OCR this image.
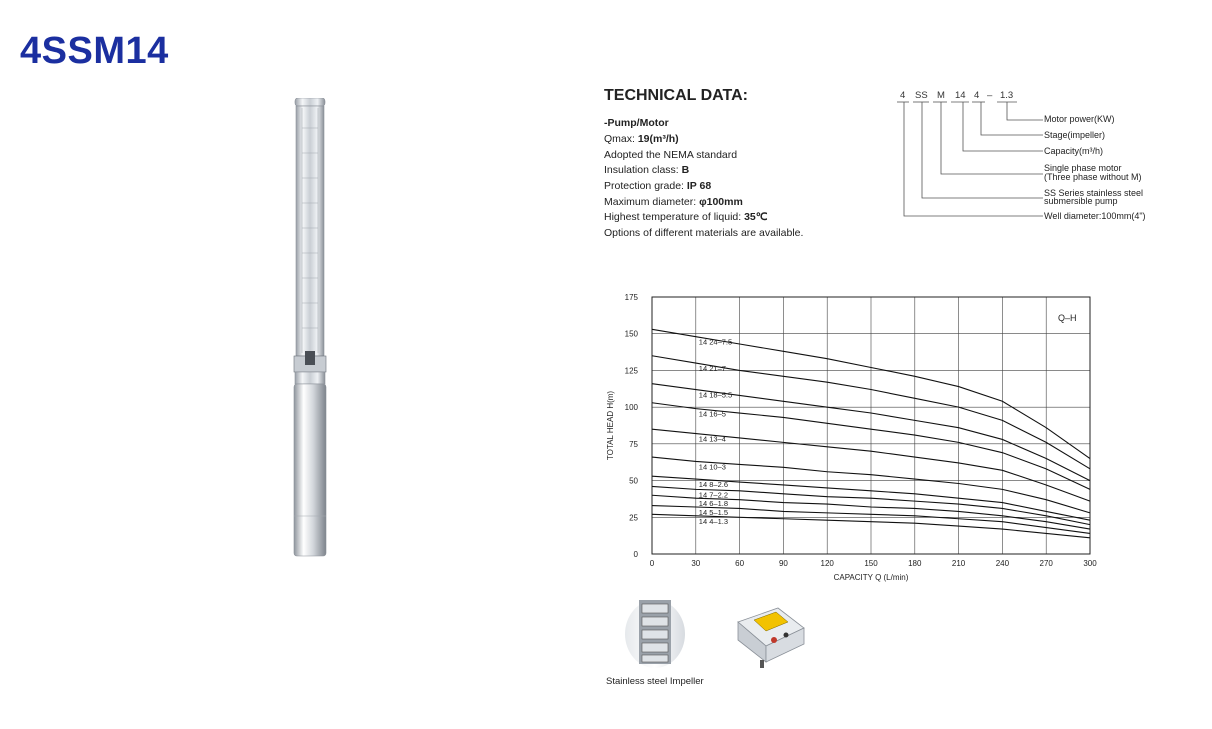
4SSM14
TECHNICAL DATA:
-Pump/Motor
Qmax: 19(m³/h)
Adopted the NEMA standard
Insulation class: B
Protection grade: IP 68
Maximum diameter: φ100mm
Highest temperature of liquid: 35℃
Options of different materials are available.
4 SS M 14 4 – 1.3
Motor power(KW)
Stage(impeller)
Capacity(m³/h)
Single phase motor
(Three phase without M)
SS Series stainless steel
submersible pump
Well diameter:100mm(4")
14 24–7.5
14 21–7
14 18–5.5
14 16–5
14 13–4
14 10–3
14 8–2.6
14 7–2.2
14 6–1.8
14 5–1.5
14 4–1.3
0	30	60	90	120	150	180	210	240	270	300
0
25
50
75
100
125
150
175
Q–H
CAPACITY Q (L/min)
TOTAL HEAD H(m)
Stainless steel Impeller
